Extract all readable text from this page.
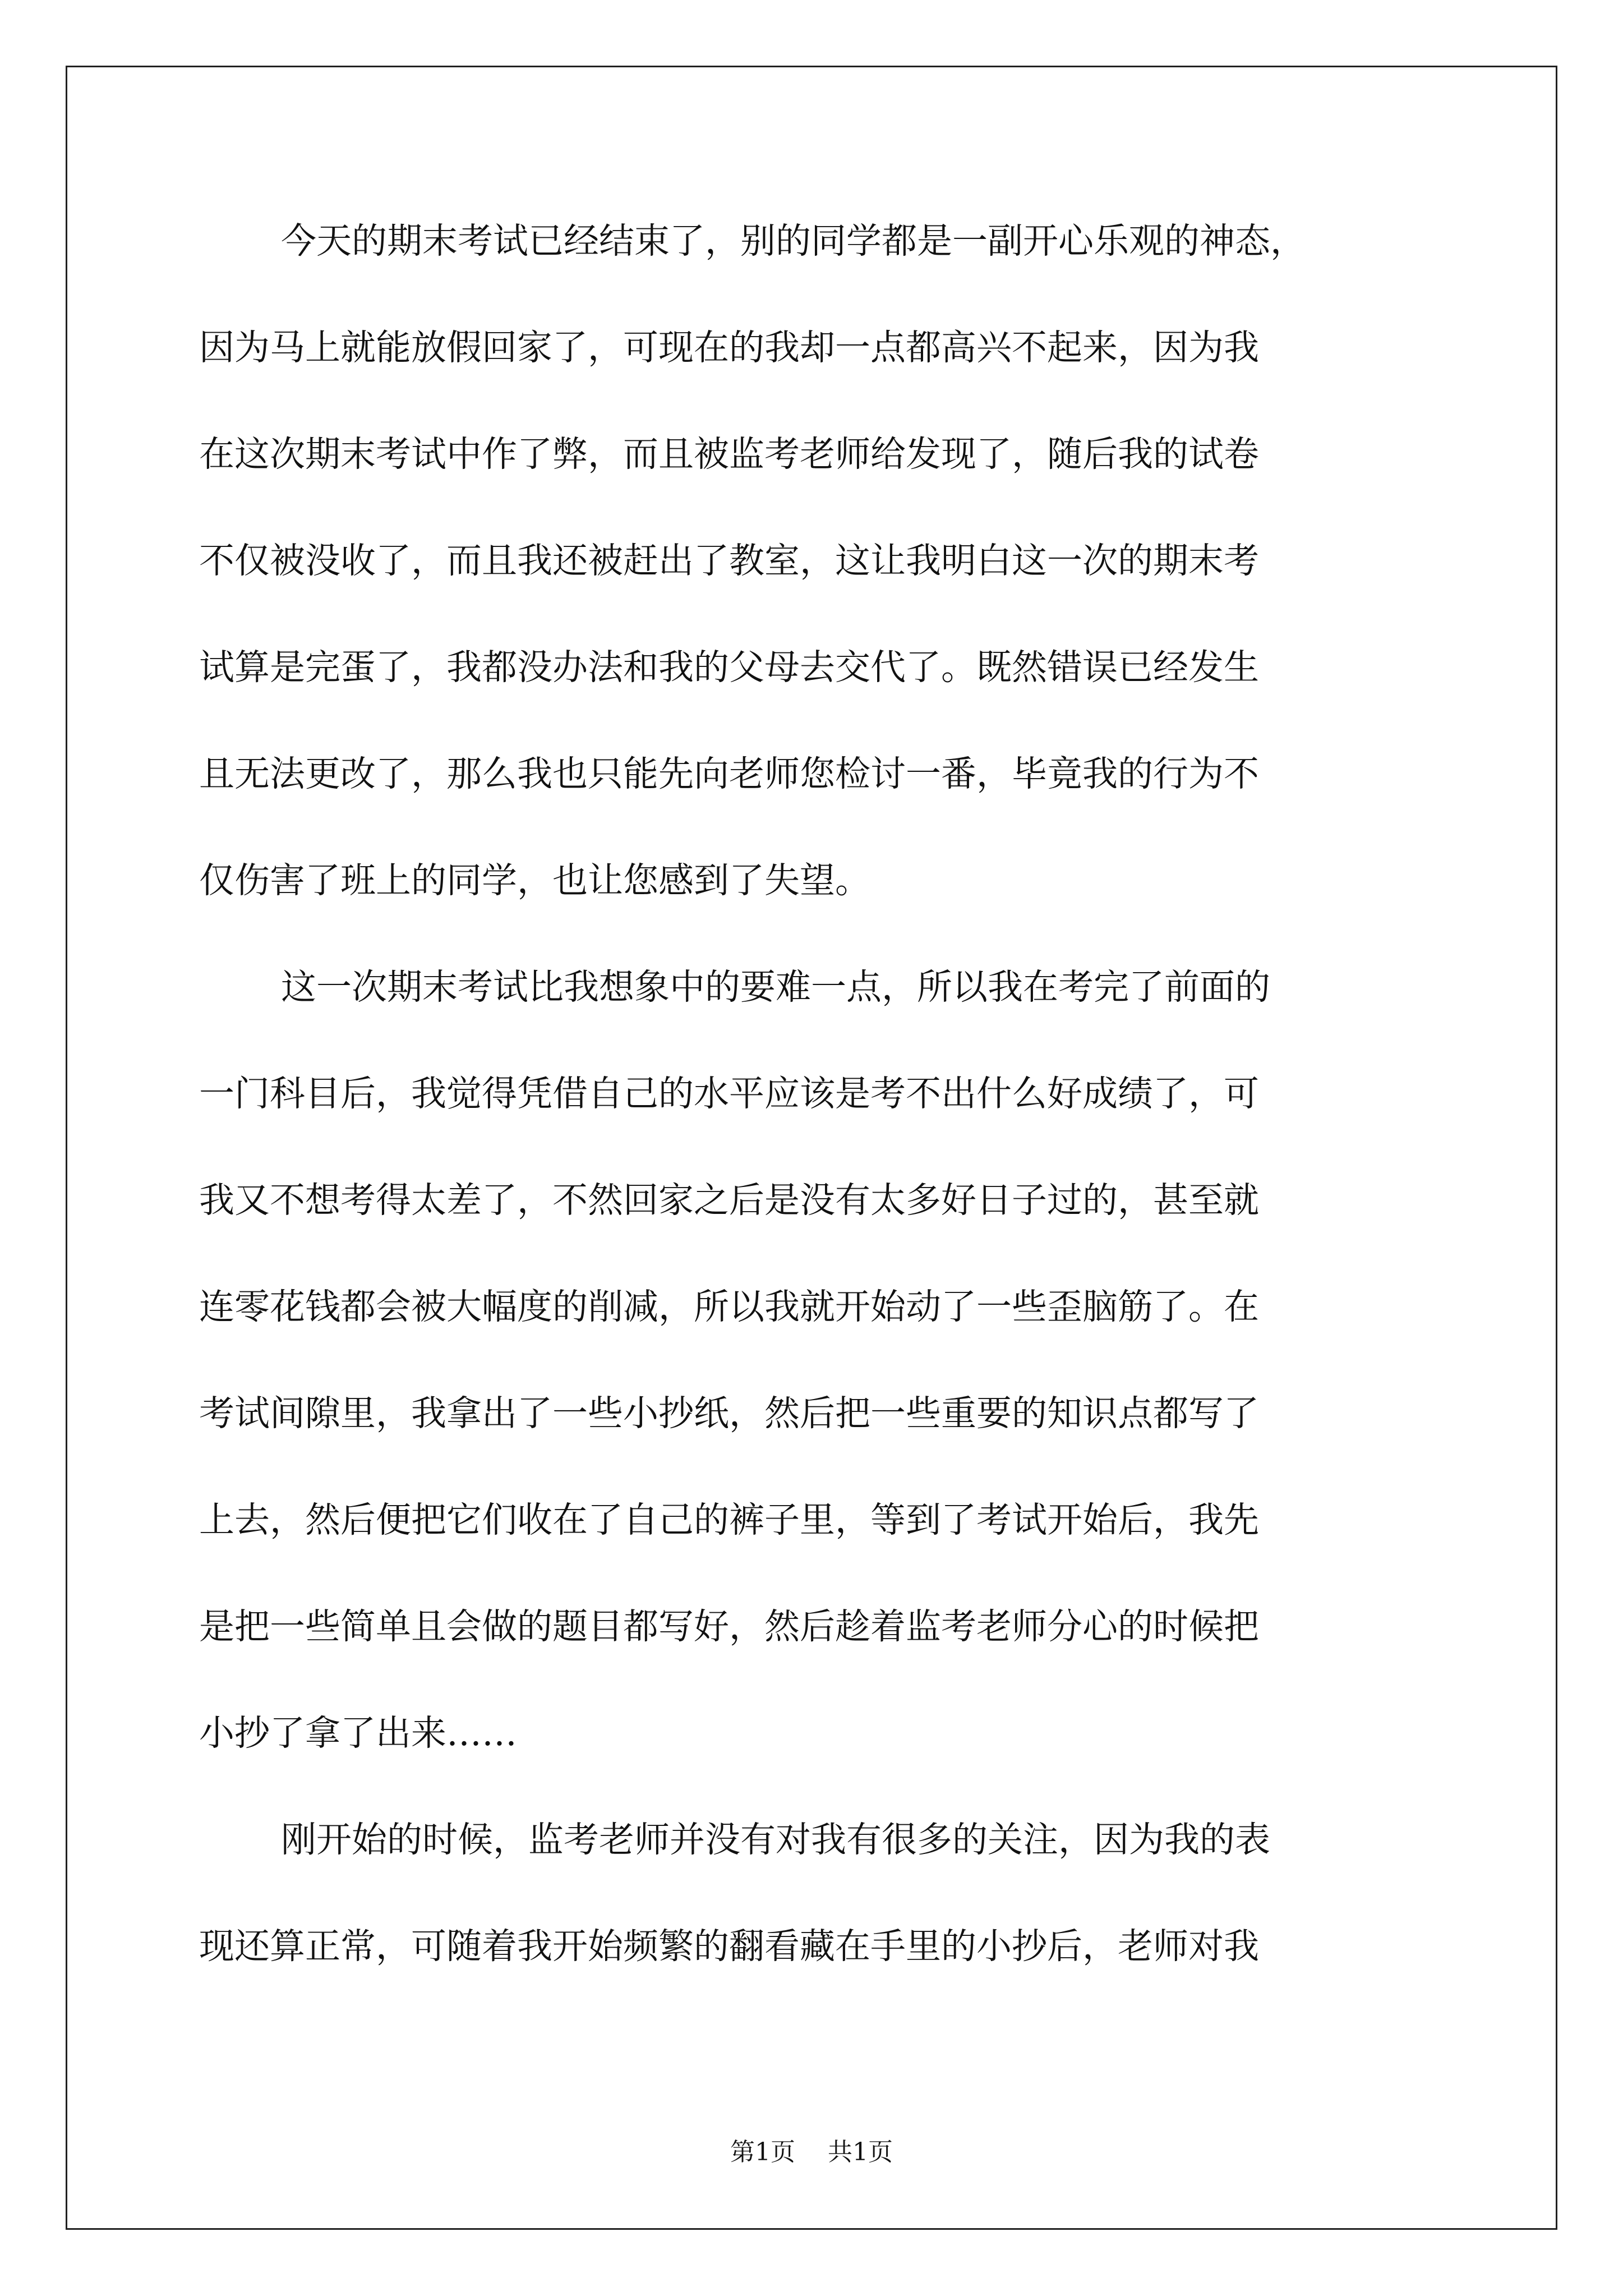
今天的期末考试已经结束了，别的同学都是一副开心乐观的神态，
因为马上就能放假回家了，可现在的我却一点都高兴不起来，因为我
在这次期末考试中作了弊，而且被监考老师给发现了，随后我的试卷
不仅被没收了，而且我还被赶出了教室，这让我明白这一次的期末考
试算是完蛋了，我都没办法和我的父母去交代了。既然错误已经发生
且无法更改了，那么我也只能先向老师您检讨一番，毕竟我的行为不
仅伤害了班上的同学，也让您感到了失望。
这一次期末考试比我想象中的要难一点，所以我在考完了前面的
一门科目后，我觉得凭借自己的水平应该是考不出什么好成绩了，可
我又不想考得太差了，不然回家之后是没有太多好日子过的，甚至就
连零花钱都会被大幅度的削减，所以我就开始动了一些歪脑筋了。在
考试间隙里，我拿出了一些小抄纸，然后把一些重要的知识点都写了
上去，然后便把它们收在了自己的裤子里，等到了考试开始后，我先
是把一些简单且会做的题目都写好，然后趁着监考老师分心的时候把
小抄了拿了出来……
刚开始的时候，监考老师并没有对我有很多的关注，因为我的表
现还算正常，可随着我开始频繁的翻看藏在手里的小抄后，老师对我
第1页 共1页
